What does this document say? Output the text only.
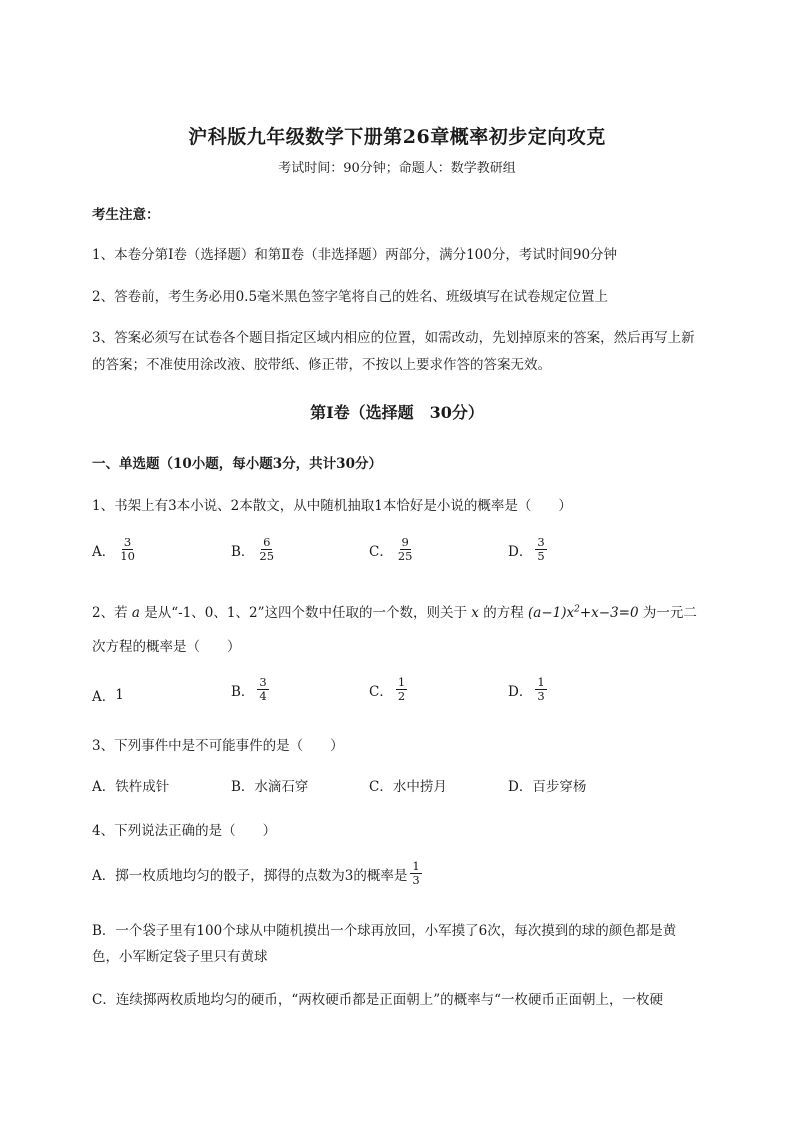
沪科版九年级数学下册第26章概率初步定向攻克
考试时间：90分钟；命题人：数学教研组
考生注意：
1、本卷分第I卷（选择题）和第Ⅱ卷（非选择题）两部分，满分100分，考试时间90分钟
2、答卷前，考生务必用0.5毫米黑色签字笔将自己的姓名、班级填写在试卷规定位置上
3、答案必须写在试卷各个题目指定区域内相应的位置，如需改动，先划掉原来的答案，然后再写上新
的答案；不准使用涂改液、胶带纸、修正带，不按以上要求作答的答案无效。
第I卷（选择题　30分）
一、单选题（10小题，每小题3分，共计30分）
1、书架上有3本小说、2本散文，从中随机抽取1本恰好是小说的概率是（　　）
A． $\frac{3}{10}$	B． $\frac{6}{25}$	C． $\frac{9}{25}$	D． $\frac{3}{5}$
2、若 a 是从“-1、0、1、2”这四个数中任取的一个数，则关于 x 的方程 $(a-1)x^2+x-3=0$ 为一元二
次方程的概率是（　　）
A． 1	B． $\frac{3}{4}$	C． $\frac{1}{2}$	D． $\frac{1}{3}$
3、下列事件中是不可能事件的是（　　）
A． 铁杵成针	B． 水滴石穿	C． 水中捞月	D． 百步穿杨
4、下列说法正确的是（　　）
A．掷一枚质地均匀的骰子，掷得的点数为3的概率是 $\frac{1}{3}$
B．一个袋子里有100个球从中随机摸出一个球再放回，小军摸了6次，每次摸到的球的颜色都是黄
色，小军断定袋子里只有黄球
C．连续掷两枚质地均匀的硬币，“两枚硬币都是正面朝上”的概率与“一枚硬币正面朝上，一枚硬
